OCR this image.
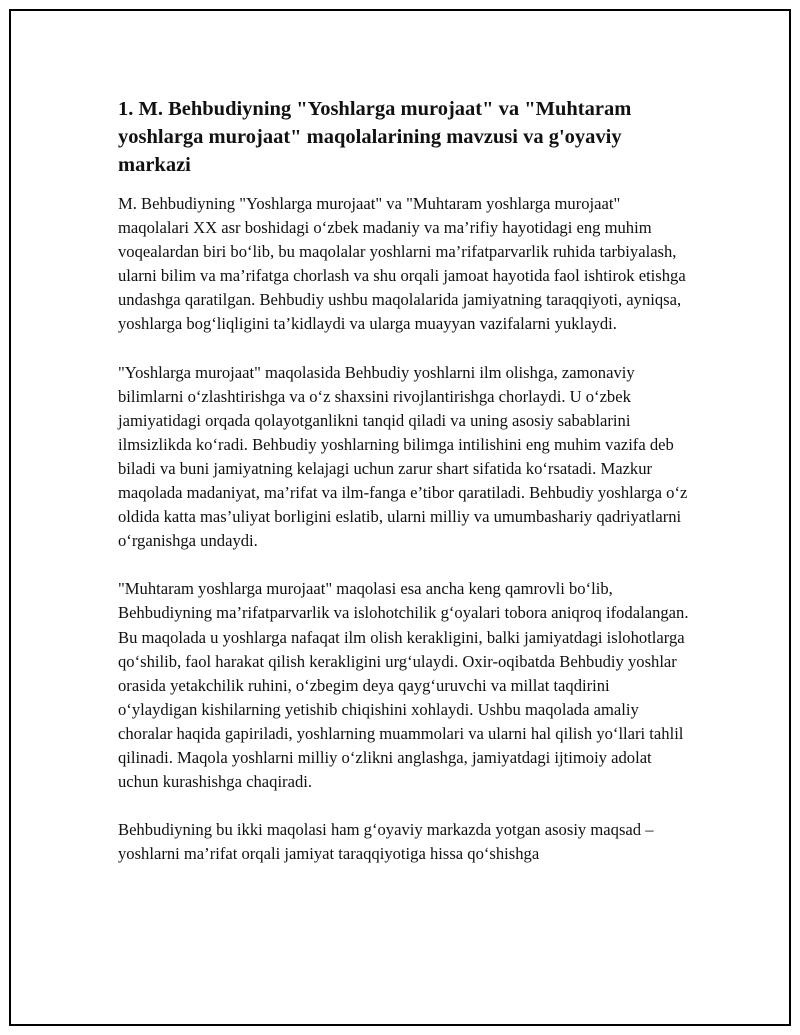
1. M. Behbudiyning "Yoshlarga murojaat" va "Muhtaram yoshlarga murojaat" maqolalarining mavzusi va g'oyaviy markazi

M. Behbudiyning "Yoshlarga murojaat" va "Muhtaram yoshlarga murojaat" maqolalari XX asr boshidagi o‘zbek madaniy va ma’rifiy hayotidagi eng muhim voqealardan biri bo‘lib, bu maqolalar yoshlarni ma’rifatparvarlik ruhida tarbiyalash, ularni bilim va ma’rifatga chorlash va shu orqali jamoat hayotida faol ishtirok etishga undashga qaratilgan. Behbudiy ushbu maqolalarida jamiyatning taraqqiyoti, ayniqsa, yoshlarga bog‘liqligini ta’kidlaydi va ularga muayyan vazifalarni yuklaydi.

"Yoshlarga murojaat" maqolasida Behbudiy yoshlarni ilm olishga, zamonaviy bilimlarni o‘zlashtirishga va o‘z shaxsini rivojlantirishga chorlaydi. U o‘zbek jamiyatidagi orqada qolayotganlikni tanqid qiladi va uning asosiy sabablarini ilmsizlikda ko‘radi. Behbudiy yoshlarning bilimga intilishini eng muhim vazifa deb biladi va buni jamiyatning kelajagi uchun zarur shart sifatida ko‘rsatadi. Mazkur maqolada madaniyat, ma’rifat va ilm-fanga e’tibor qaratiladi. Behbudiy yoshlarga o‘z oldida katta mas’uliyat borligini eslatib, ularni milliy va umumbashariy qadriyatlarni o‘rganishga undaydi.

"Muhtaram yoshlarga murojaat" maqolasi esa ancha keng qamrovli bo‘lib, Behbudiyning ma’rifatparvarlik va islohotchilik g‘oyalari tobora aniqroq ifodalangan. Bu maqolada u yoshlarga nafaqat ilm olish kerakligini, balki jamiyatdagi islohotlarga qo‘shilib, faol harakat qilish kerakligini urg‘ulaydi. Oxir-oqibatda Behbudiy yoshlar orasida yetakchilik ruhini, o‘zbegim deya qayg‘uruvchi va millat taqdirini o‘ylaydigan kishilarning yetishib chiqishini xohlaydi. Ushbu maqolada amaliy choralar haqida gapiriladi, yoshlarning muammolari va ularni hal qilish yo‘llari tahlil qilinadi. Maqola yoshlarni milliy o‘zlikni anglashga, jamiyatdagi ijtimoiy adolat uchun kurashishga chaqiradi.

Behbudiyning bu ikki maqolasi ham g‘oyaviy markazda yotgan asosiy maqsad – yoshlarni ma’rifat orqali jamiyat taraqqiyotiga hissa qo‘shishga
